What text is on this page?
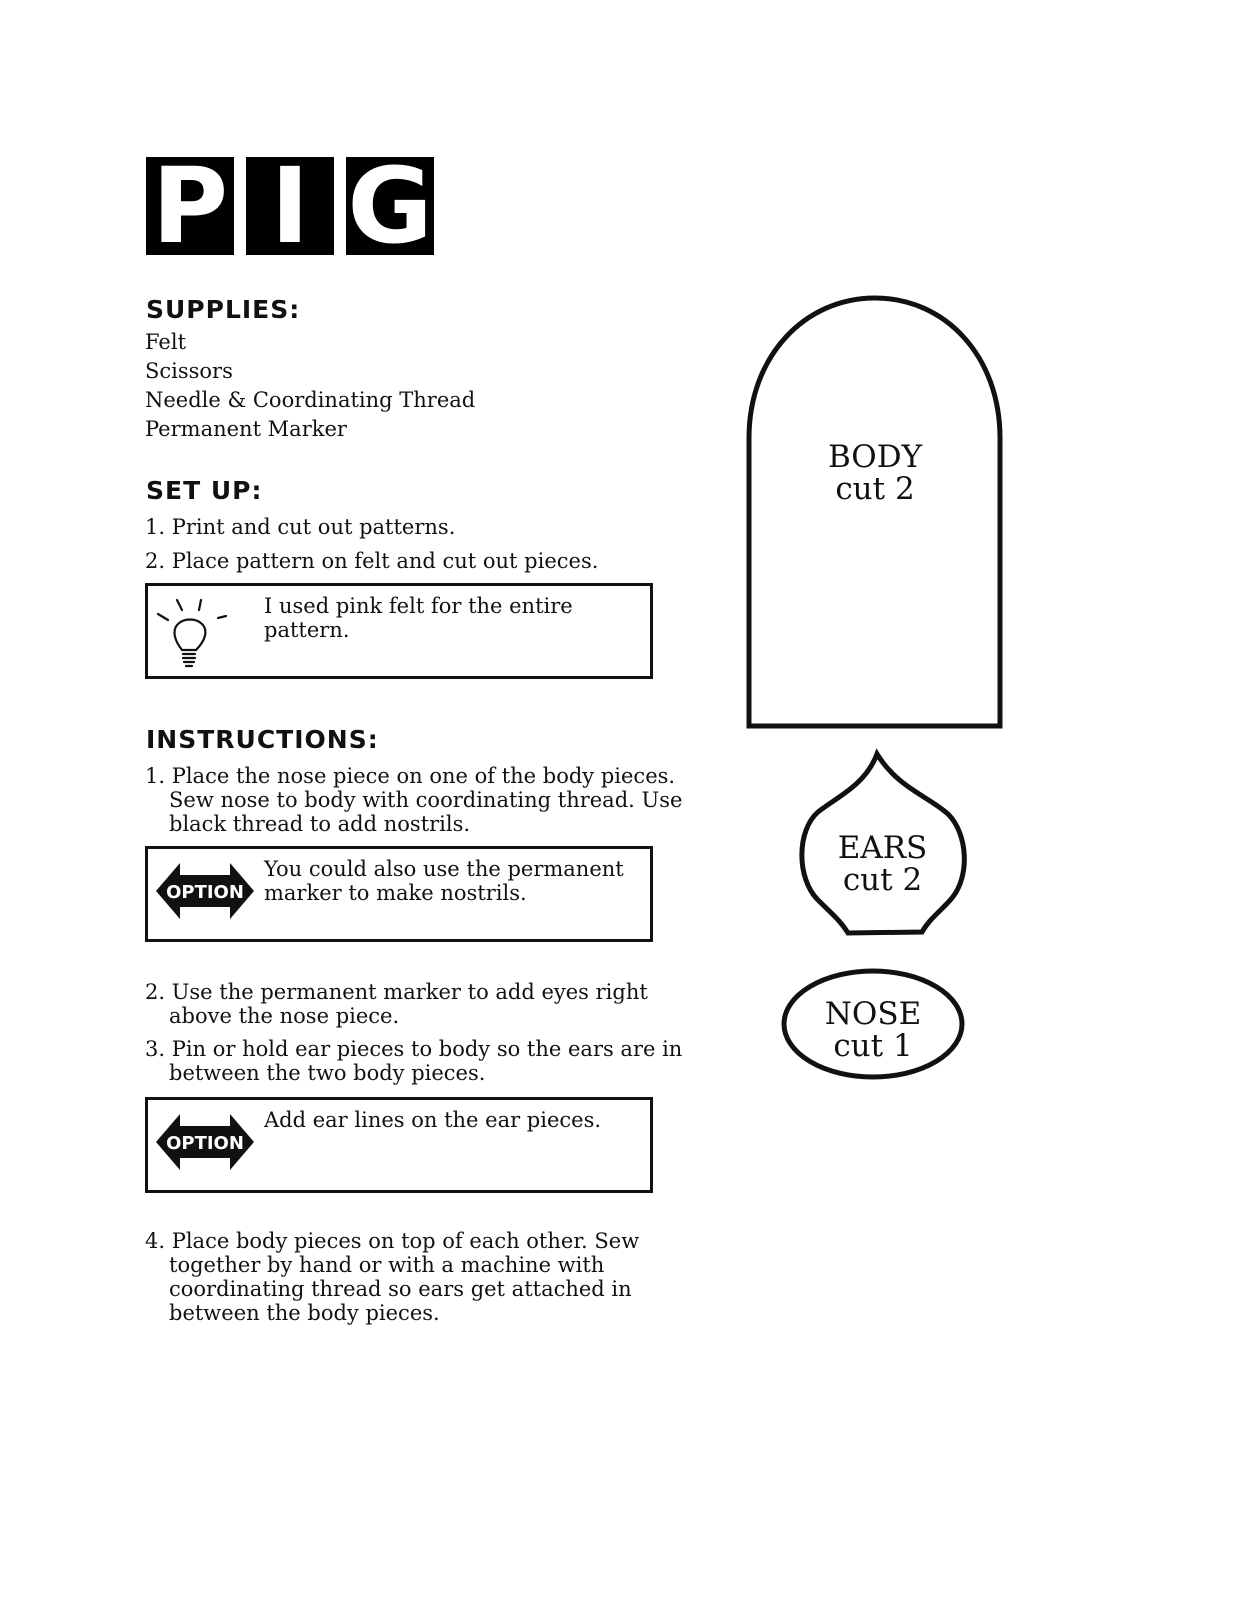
P I G
SUPPLIES:
Felt
Scissors
Needle & Coordinating Thread
Permanent Marker
SET UP:
1. Print and cut out patterns.
2. Place pattern on felt and cut out pieces.
I used pink felt for the entire pattern.
INSTRUCTIONS:
1. Place the nose piece on one of the body pieces. Sew nose to body with coordinating thread. Use black thread to add nostrils.
OPTION
You could also use the permanent marker to make nostrils.
2. Use the permanent marker to add eyes right above the nose piece.
3. Pin or hold ear pieces to body so the ears are in between the two body pieces.
OPTION
Add ear lines on the ear pieces.
4. Place body pieces on top of each other. Sew together by hand or with a machine with coordinating thread so ears get attached in between the body pieces.
BODY
cut 2
EARS
cut 2
NOSE
cut 1
